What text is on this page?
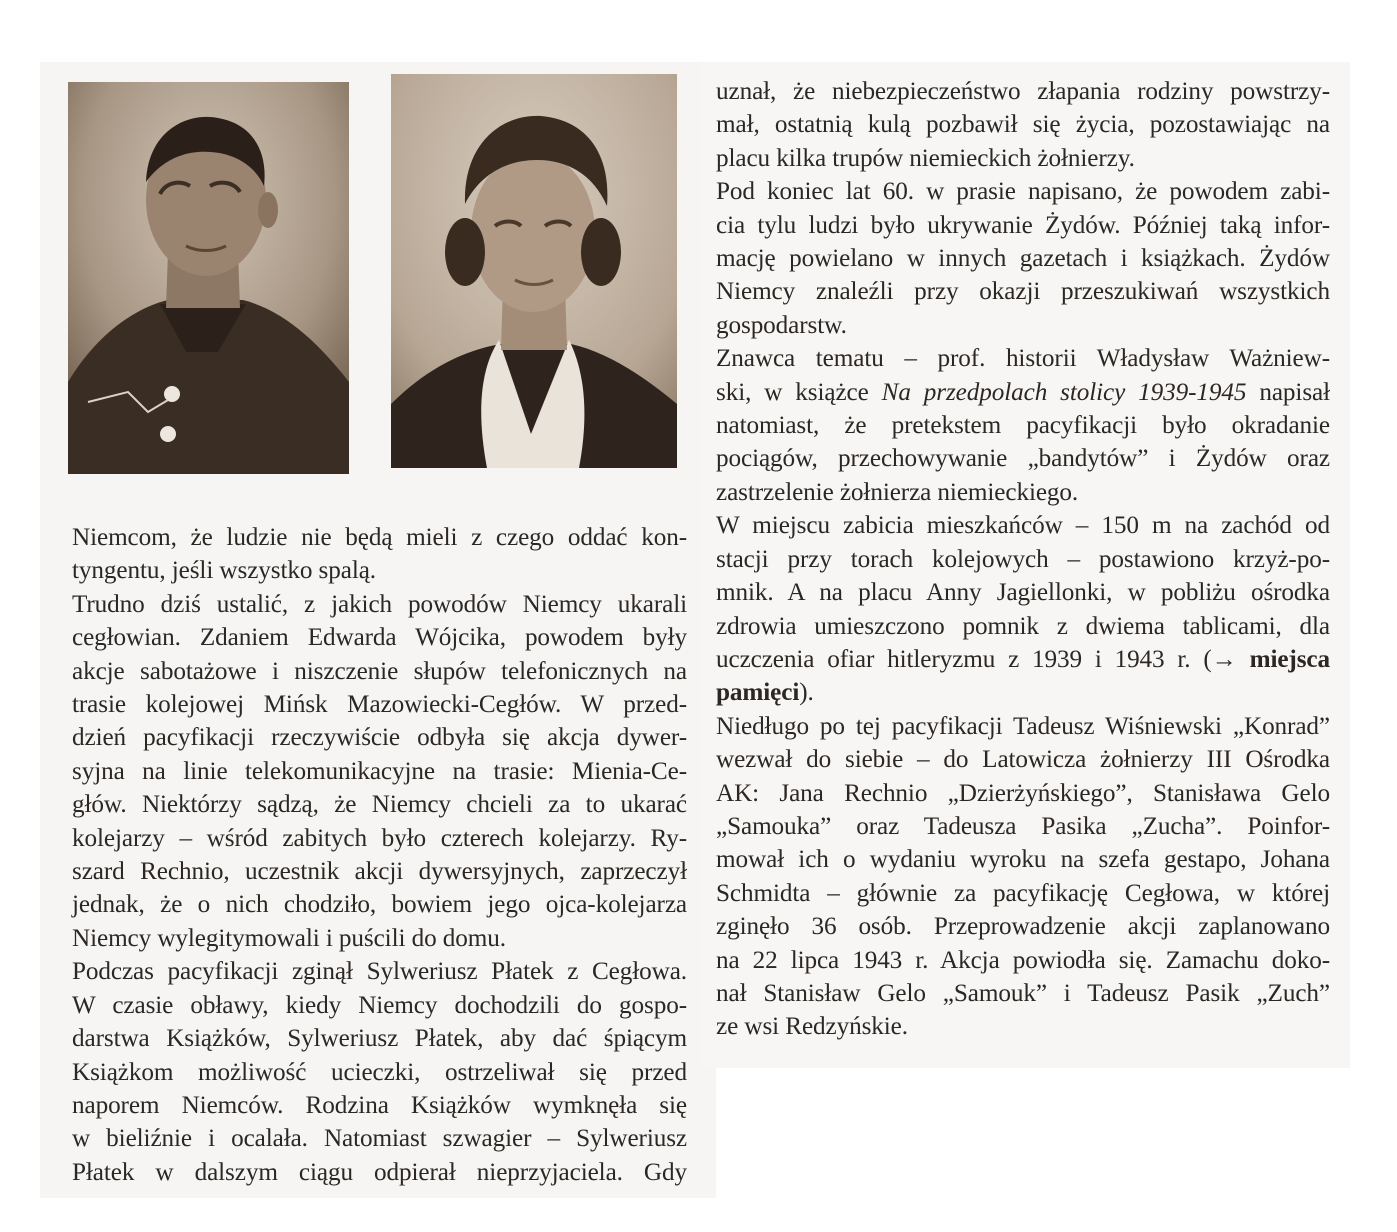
Niemcom, że ludzie nie będą mieli z czego oddać kon-
tyngentu, jeśli wszystko spalą.
Trudno dziś ustalić, z jakich powodów Niemcy ukarali
cegłowian. Zdaniem Edwarda Wójcika, powodem były
akcje sabotażowe i niszczenie słupów telefonicznych na
trasie kolejowej Mińsk Mazowiecki-Cegłów. W przed-
dzień pacyfikacji rzeczywiście odbyła się akcja dywer-
syjna na linie telekomunikacyjne na trasie: Mienia-Ce-
głów. Niektórzy sądzą, że Niemcy chcieli za to ukarać
kolejarzy – wśród zabitych było czterech kolejarzy. Ry-
szard Rechnio, uczestnik akcji dywersyjnych, zaprzeczył
jednak, że o nich chodziło, bowiem jego ojca-kolejarza
Niemcy wylegitymowali i puścili do domu.
Podczas pacyfikacji zginął Sylweriusz Płatek z Cegłowa.
W czasie obławy, kiedy Niemcy dochodzili do gospo-
darstwa Książków, Sylweriusz Płatek, aby dać śpiącym
Książkom możliwość ucieczki, ostrzeliwał się przed
naporem Niemców. Rodzina Książków wymknęła się
w bieliźnie i ocalała. Natomiast szwagier – Sylweriusz
Płatek w dalszym ciągu odpierał nieprzyjaciela. Gdy
uznał, że niebezpieczeństwo złapania rodziny powstrzy-
mał, ostatnią kulą pozbawił się życia, pozostawiając na
placu kilka trupów niemieckich żołnierzy.
Pod koniec lat 60. w prasie napisano, że powodem zabi-
cia tylu ludzi było ukrywanie Żydów. Później taką infor-
mację powielano w innych gazetach i książkach. Żydów
Niemcy znaleźli przy okazji przeszukiwań wszystkich
gospodarstw.
Znawca tematu – prof. historii Władysław Ważniew-
ski, w książce Na przedpolach stolicy 1939-1945 napisał
natomiast, że pretekstem pacyfikacji było okradanie
pociągów, przechowywanie „bandytów” i Żydów oraz
zastrzelenie żołnierza niemieckiego.
W miejscu zabicia mieszkańców – 150 m na zachód od
stacji przy torach kolejowych – postawiono krzyż-po-
mnik. A na placu Anny Jagiellonki, w pobliżu ośrodka
zdrowia umieszczono pomnik z dwiema tablicami, dla
uczczenia ofiar hitleryzmu z 1939 i 1943 r. (→ miejsca
pamięci).
Niedługo po tej pacyfikacji Tadeusz Wiśniewski „Konrad”
wezwał do siebie – do Latowicza żołnierzy III Ośrodka
AK: Jana Rechnio „Dzierżyńskiego”, Stanisława Gelo
„Samouka” oraz Tadeusza Pasika „Zucha”. Poinfor-
mował ich o wydaniu wyroku na szefa gestapo, Johana
Schmidta – głównie za pacyfikację Cegłowa, w której
zginęło 36 osób. Przeprowadzenie akcji zaplanowano
na 22 lipca 1943 r. Akcja powiodła się. Zamachu doko-
nał Stanisław Gelo „Samouk” i Tadeusz Pasik „Zuch”
ze wsi Redzyńskie.
